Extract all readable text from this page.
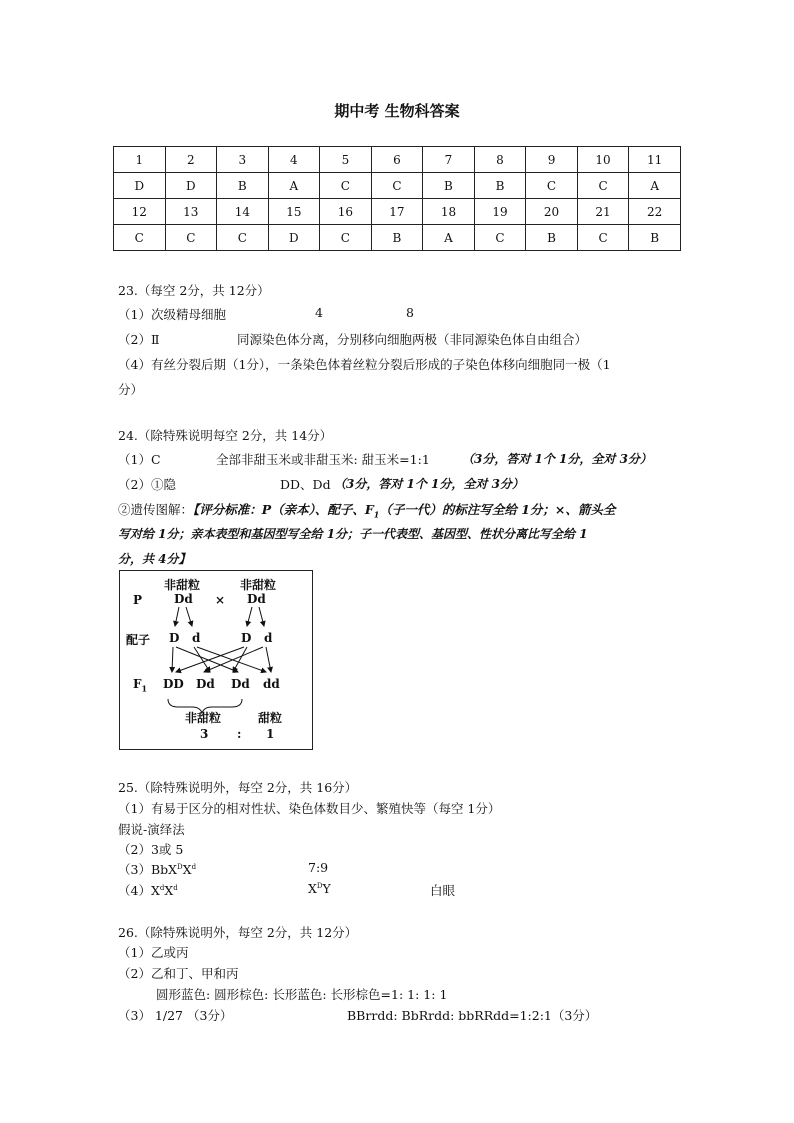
期中考 生物科答案
1	2	3	4	5	6	7	8	9	10	11
D	D	B	A	C	C	B	B	C	C	A
12	13	14	15	16	17	18	19	20	21	22
C	C	C	D	C	B	A	C	B	C	B
23.（每空 2分，共 12分）
（1）次级精母细胞	4	8
（2）Ⅱ	同源染色体分离，分别移向细胞两极（非同源染色体自由组合）
（4）有丝分裂后期（1分），一条染色体着丝粒分裂后形成的子染色体移向细胞同一极（1
分）
24.（除特殊说明每空 2分，共 14分）
（1）C	全部非甜玉米或非甜玉米: 甜玉米=1:1	（3分，答对 1个 1分，全对 3分）
（2）①隐	DD、Dd （3分，答对 1个 1分，全对 3分）
②遗传图解：【评分标准：P（亲本）、配子、$F_1$（子一代）的标注写全给 1分；×、箭头全
写对给 1分；亲本表型和基因型写全给 1分；子一代表型、基因型、性状分离比写全给 1
分，共 4分】
非甜粒	非甜粒
P	Dd × Dd
配子 D d	D d
$F_1$ DD Dd Dd dd
非甜粒	甜粒
3 : 1
25.（除特殊说明外，每空 2分，共 16分）
（1）有易于区分的相对性状、染色体数目少、繁殖快等（每空 1分）
假说-演绎法
（2）3或 5
$(3)BbX^DX^d$	7:9
$(4)X^dX^d$	$X^DY$	白眼
26.（除特殊说明外，每空 2分，共 12分）
（1）乙或丙
（2）乙和丁、甲和丙
圆形蓝色: 圆形棕色: 长形蓝色: 长形棕色=1: 1: 1: 1
（3） 1/27 （3分）	BBrrdd: BbRrdd: bbRRdd=1:2:1（3分）
